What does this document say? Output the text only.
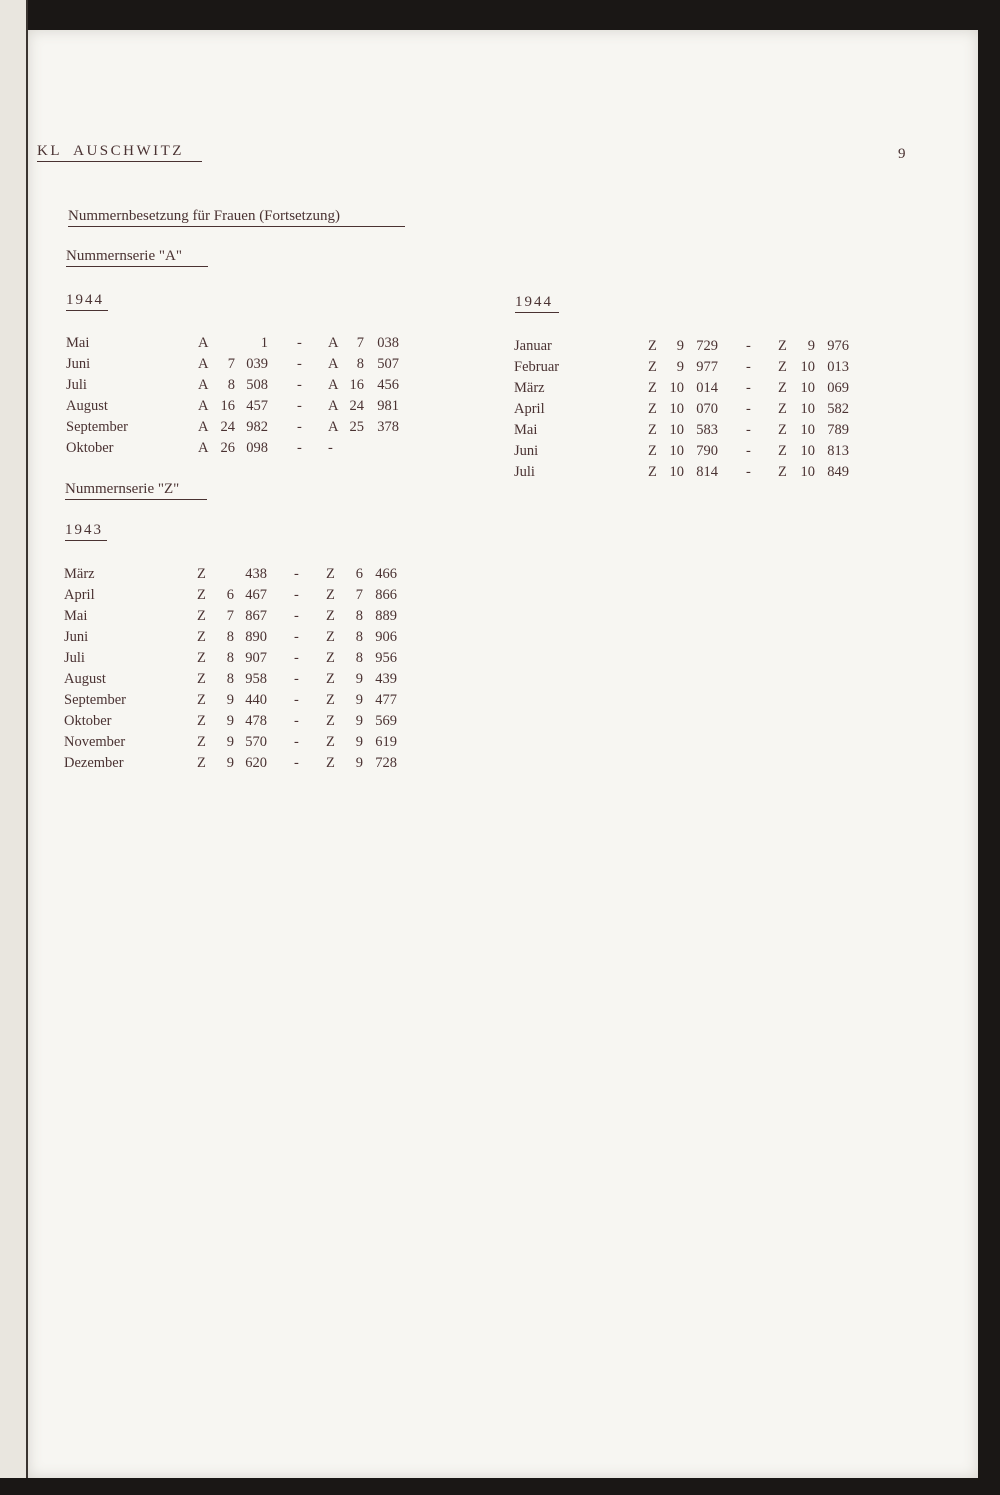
KL  AUSCHWITZ	9
Nummernbesetzung für Frauen (Fortsetzung)
Nummernserie "A"
1944
Mai	A	1 - A	7 038
Juni	A	7 039 - A	8 507
Juli	A	8 508 - A 16 456
August	A 16 457 - A 24 981
September	A 24 982 - A 25 378
Oktober	A 26 098 - -
Nummernserie "Z"
1943
März	Z	438 - Z	6 466
April	Z	6 467 - Z	7 866
Mai	Z	7 867 - Z	8 889
Juni	Z	8 890 - Z	8 906
Juli	Z	8 907 - Z	8 956
August	Z	8 958 - Z	9 439
September	Z	9 440 - Z	9 477
Oktober	Z	9 478 - Z	9 569
November	Z	9 570 - Z	9 619
Dezember	Z	9 620 - Z	9 728
1944
Januar	Z	9 729 - Z	9 976
Februar	Z	9 977 - Z 10 013
März	Z 10 014 - Z 10 069
April	Z 10 070 - Z 10 582
Mai	Z 10 583 - Z 10 789
Juni	Z 10 790 - Z 10 813
Juli	Z 10 814 - Z 10 849
